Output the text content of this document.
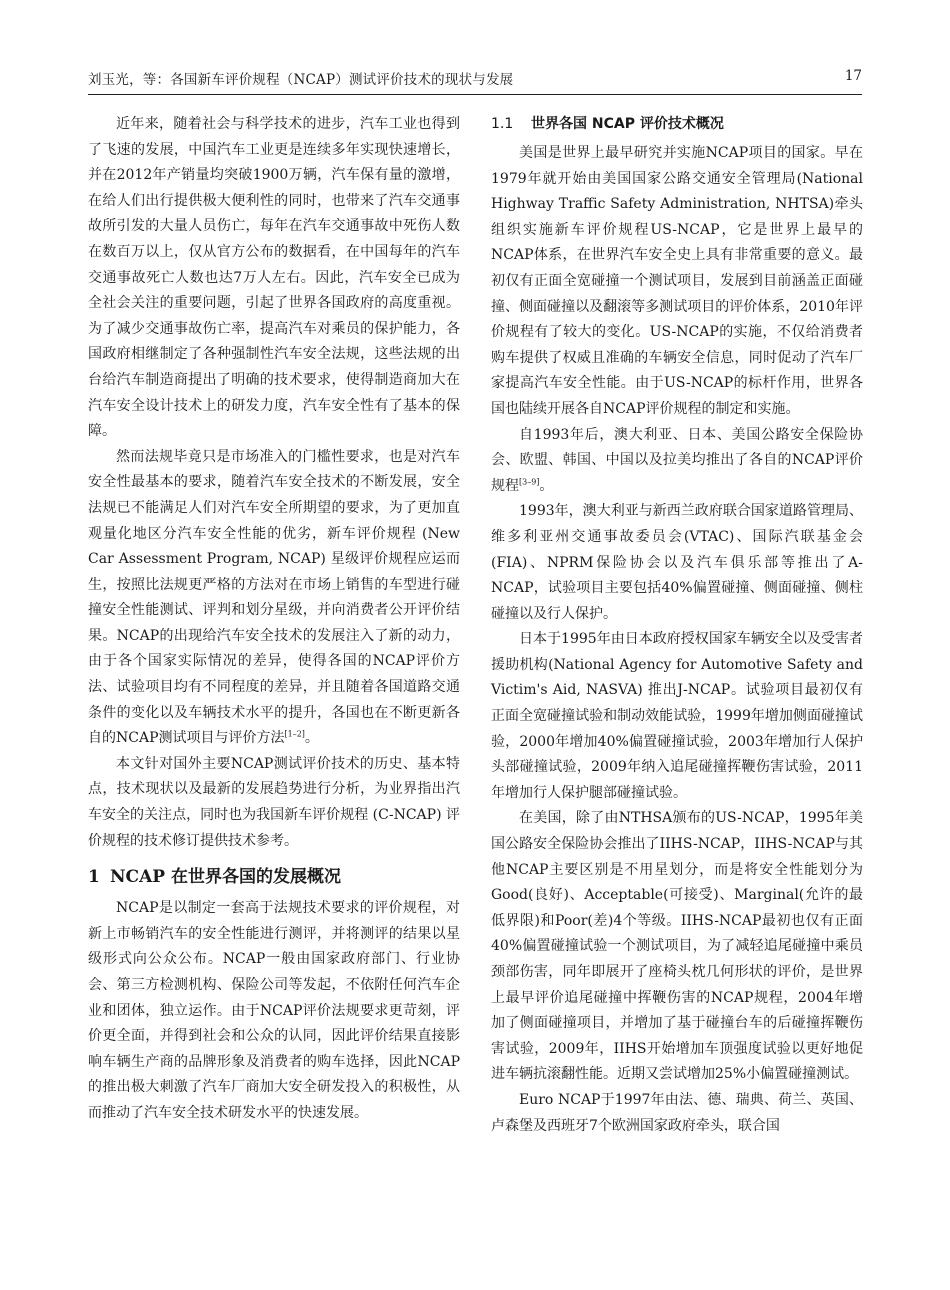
刘玉光，等：各国新车评价规程（NCAP）测试评价技术的现状与发展	17

近年来，随着社会与科学技术的进步，汽车工业也得到了飞速的发展，中国汽车工业更是连续多年实现快速增长，并在2012年产销量均突破1900万辆，汽车保有量的激增，在给人们出行提供极大便利性的同时，也带来了汽车交通事故所引发的大量人员伤亡，每年在汽车交通事故中死伤人数在数百万以上，仅从官方公布的数据看，在中国每年的汽车交通事故死亡人数也达7万人左右。因此，汽车安全已成为全社会关注的重要问题，引起了世界各国政府的高度重视。为了减少交通事故伤亡率，提高汽车对乘员的保护能力，各国政府相继制定了各种强制性汽车安全法规，这些法规的出台给汽车制造商提出了明确的技术要求，使得制造商加大在汽车安全设计技术上的研发力度，汽车安全性有了基本的保障。

然而法规毕竟只是市场准入的门槛性要求，也是对汽车安全性最基本的要求，随着汽车安全技术的不断发展，安全法规已不能满足人们对汽车安全所期望的要求，为了更加直观量化地区分汽车安全性能的优劣，新车评价规程 (New Car Assessment Program, NCAP) 星级评价规程应运而生，按照比法规更严格的方法对在市场上销售的车型进行碰撞安全性能测试、评判和划分星级，并向消费者公开评价结果。NCAP的出现给汽车安全技术的发展注入了新的动力，由于各个国家实际情况的差异，使得各国的NCAP评价方法、试验项目均有不同程度的差异，并且随着各国道路交通条件的变化以及车辆技术水平的提升，各国也在不断更新各自的NCAP测试项目与评价方法[1–2]。

本文针对国外主要NCAP测试评价技术的历史、基本特点，技术现状以及最新的发展趋势进行分析，为业界指出汽车安全的关注点，同时也为我国新车评价规程 (C-NCAP) 评价规程的技术修订提供技术参考。

1 NCAP 在世界各国的发展概况

NCAP是以制定一套高于法规技术要求的评价规程，对新上市畅销汽车的安全性能进行测评，并将测评的结果以星级形式向公众公布。NCAP一般由国家政府部门、行业协会、第三方检测机构、保险公司等发起，不依附任何汽车企业和团体，独立运作。由于NCAP评价法规要求更苛刻，评价更全面，并得到社会和公众的认同，因此评价结果直接影响车辆生产商的品牌形象及消费者的购车选择，因此NCAP的推出极大刺激了汽车厂商加大安全研发投入的积极性，从而推动了汽车安全技术研发水平的快速发展。

1.1 世界各国 NCAP 评价技术概况

美国是世界上最早研究并实施NCAP项目的国家。早在1979年就开始由美国国家公路交通安全管理局(National Highway Traffic Safety Administration, NHTSA)牵头组织实施新车评价规程US-NCAP，它是世界上最早的NCAP体系，在世界汽车安全史上具有非常重要的意义。最初仅有正面全宽碰撞一个测试项目，发展到目前涵盖正面碰撞、侧面碰撞以及翻滚等多测试项目的评价体系，2010年评价规程有了较大的变化。US-NCAP的实施，不仅给消费者购车提供了权威且准确的车辆安全信息，同时促动了汽车厂家提高汽车安全性能。由于US-NCAP的标杆作用，世界各国也陆续开展各自NCAP评价规程的制定和实施。

自1993年后，澳大利亚、日本、美国公路安全保险协会、欧盟、韩国、中国以及拉美均推出了各自的NCAP评价规程[3–9]。

1993年，澳大利亚与新西兰政府联合国家道路管理局、维多利亚州交通事故委员会(VTAC)、国际汽联基金会(FIA)、NPRM保险协会以及汽车俱乐部等推出了A-NCAP，试验项目主要包括40%偏置碰撞、侧面碰撞、侧柱碰撞以及行人保护。

日本于1995年由日本政府授权国家车辆安全以及受害者援助机构(National Agency for Automotive Safety and Victim's Aid, NASVA) 推出J-NCAP。试验项目最初仅有正面全宽碰撞试验和制动效能试验，1999年增加侧面碰撞试验，2000年增加40%偏置碰撞试验，2003年增加行人保护头部碰撞试验，2009年纳入追尾碰撞挥鞭伤害试验，2011年增加行人保护腿部碰撞试验。

在美国，除了由NTHSA颁布的US-NCAP，1995年美国公路安全保险协会推出了IIHS-NCAP，IIHS-NCAP与其他NCAP主要区别是不用星划分，而是将安全性能划分为Good(良好)、Acceptable(可接受)、Marginal(允许的最低界限)和Poor(差)4个等级。IIHS-NCAP最初也仅有正面40%偏置碰撞试验一个测试项目，为了减轻追尾碰撞中乘员颈部伤害，同年即展开了座椅头枕几何形状的评价，是世界上最早评价追尾碰撞中挥鞭伤害的NCAP规程，2004年增加了侧面碰撞项目，并增加了基于碰撞台车的后碰撞挥鞭伤害试验，2009年，IIHS开始增加车顶强度试验以更好地促进车辆抗滚翻性能。近期又尝试增加25%小偏置碰撞测试。

Euro NCAP于1997年由法、德、瑞典、荷兰、英国、卢森堡及西班牙7个欧洲国家政府牵头，联合国
